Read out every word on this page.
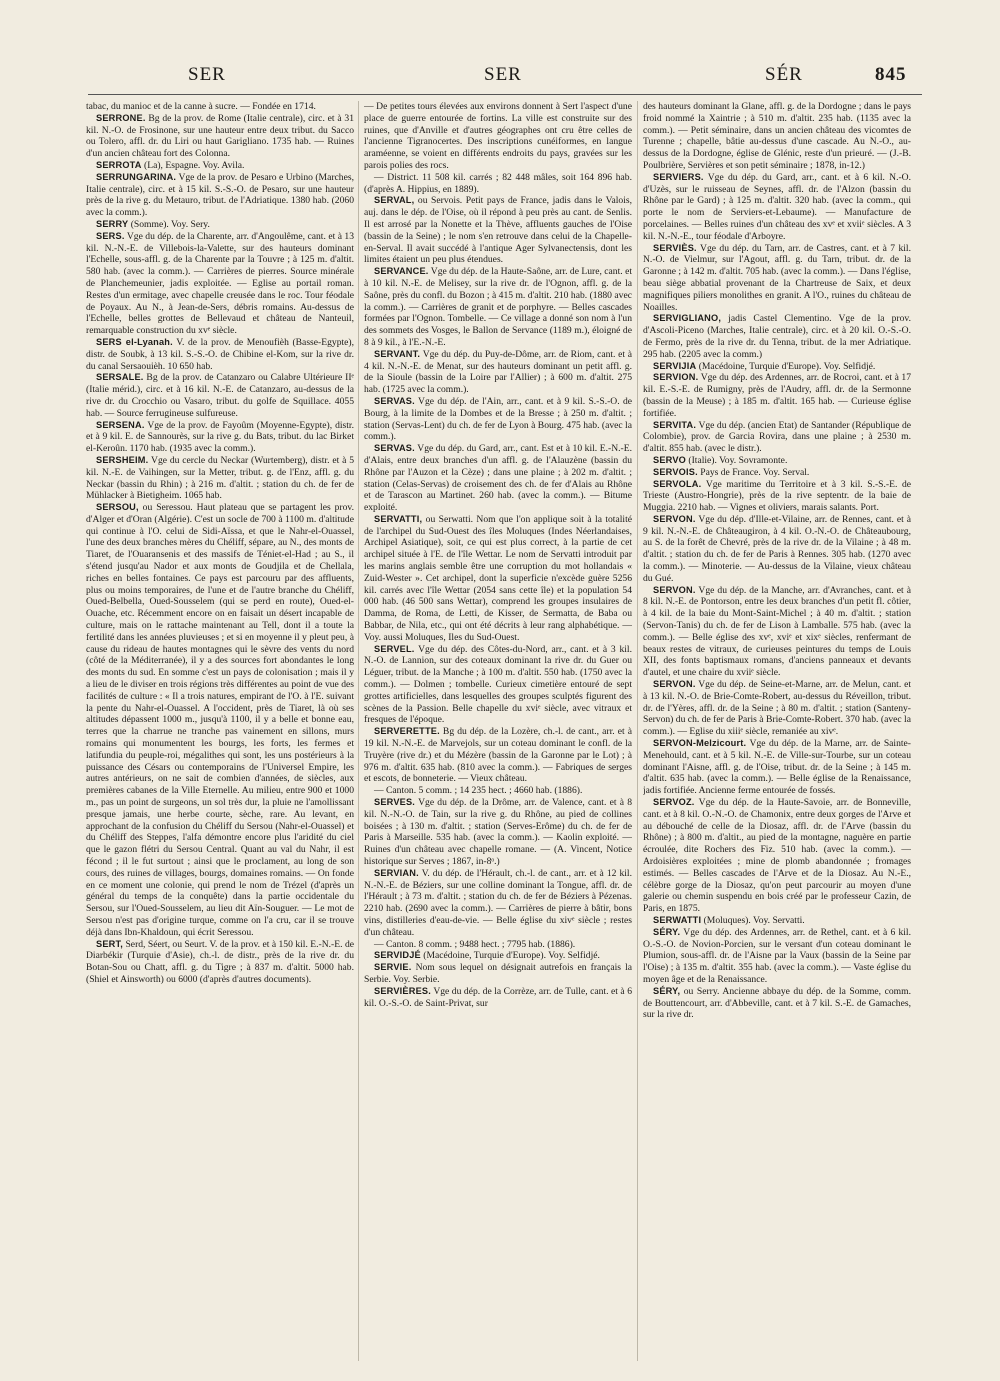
SER	SER	SÉR	845

tabac, du manioc et de la canne à sucre. — Fondée en 1714.

SERRONE. Bg de la prov. de Rome (Italie centrale), circ. et à 31 kil. N.-O. de Frosinone, sur une hauteur entre deux tribut. du Sacco ou Tolero, affl. dr. du Liri ou haut Garigliano. 1735 hab. — Ruines d'un ancien château fort des Colonna.

SERROTA (La), Espagne. Voy. Avila.

SERRUNGARINA. Vge de la prov. de Pesaro e Urbino (Marches, Italie centrale), circ. et à 15 kil. S.-S.-O. de Pesaro, sur une hauteur près de la rive g. du Metauro, tribut. de l'Adriatique. 1380 hab. (2060 avec la comm.).

SERRY (Somme). Voy. Sery.

SERS. Vge du dép. de la Charente, arr. d'Angoulême, cant. et à 13 kil. N.-N.-E. de Villebois-la-Valette, sur des hauteurs dominant l'Echelle, sous-affl. g. de la Charente par la Touvre ; à 125 m. d'altit. 580 hab. (avec la comm.). — Carrières de pierres. Source minérale de Planchemeunier, jadis exploitée. — Eglise au portail roman. Restes d'un ermitage, avec chapelle creusée dans le roc. Tour féodale de Poyaux. Au N., à Jean-de-Sers, débris romains. Au-dessus de l'Echelle, belles grottes de Bellevaud et château de Nanteuil, remarquable construction du xvᵉ siècle.

SERS el-Lyanah. V. de la prov. de Menoufièh (Basse-Egypte), distr. de Soubk, à 13 kil. S.-S.-O. de Chibine el-Kom, sur la rive dr. du canal Sersaouièh. 10 650 hab.

SERSALE. Bg de la prov. de Catanzaro ou Calabre Ultérieure IIᵉ (Italie mérid.), circ. et à 16 kil. N.-E. de Catanzaro, au-dessus de la rive dr. du Crocchio ou Vasaro, tribut. du golfe de Squillace. 4055 hab. — Source ferrugineuse sulfureuse.

SERSENA. Vge de la prov. de Fayoûm (Moyenne-Egypte), distr. et à 9 kil. E. de Sannourès, sur la rive g. du Bats, tribut. du lac Birket el-Keroûn. 1170 hab. (1935 avec la comm.).

SERSHEIM. Vge du cercle du Neckar (Wurtemberg), distr. et à 5 kil. N.-E. de Vaihingen, sur la Metter, tribut. g. de l'Enz, affl. g. du Neckar (bassin du Rhin) ; à 216 m. d'altit. ; station du ch. de fer de Mühlacker à Bietigheim. 1065 hab.

SERSOU, ou Seressou. Haut plateau que se partagent les prov. d'Alger et d'Oran (Algérie). C'est un socle de 700 à 1100 m. d'altitude qui continue à l'O. celui de Sidi-Aïssa, et que le Nahr-el-Ouassel, l'une des deux branches mères du Chéliff, sépare, au N., des monts de Tiaret, de l'Ouaransenis et des massifs de Téniet-el-Had ; au S., il s'étend jusqu'au Nador et aux monts de Goudjila et de Chellala, riches en belles fontaines. Ce pays est parcouru par des affluents, plus ou moins temporaires, de l'une et de l'autre branche du Chéliff, Oued-Belbella, Oued-Sousselem (qui se perd en route), Oued-el-Ouache, etc. Récemment encore on en faisait un désert incapable de culture, mais on le rattache maintenant au Tell, dont il a toute la fertilité dans les années pluvieuses ; et si en moyenne il y pleut peu, à cause du rideau de hautes montagnes qui le sèvre des vents du nord (côté de la Méditerranée), il y a des sources fort abondantes le long des monts du sud. En somme c'est un pays de colonisation ; mais il y a lieu de le diviser en trois régions très différentes au point de vue des facilités de culture : « Il a trois natures, empirant de l'O. à l'E. suivant la pente du Nahr-el-Ouassel. A l'occident, près de Tiaret, là où ses altitudes dépassent 1000 m., jusqu'à 1100, il y a belle et bonne eau, terres que la charrue ne tranche pas vainement en sillons, murs romains qui monumentent les bourgs, les forts, les fermes et latifundia du peuple-roi, mégalithes qui sont, les uns postérieurs à la puissance des Césars ou contemporains de l'Universel Empire, les autres antérieurs, on ne sait de combien d'années, de siècles, aux premières cabanes de la Ville Eternelle. Au milieu, entre 900 et 1000 m., pas un point de surgeons, un sol très dur, la pluie ne l'amollissant presque jamais, une herbe courte, sèche, rare. Au levant, en approchant de la confusion du Chéliff du Sersou (Nahr-el-Ouassel) et du Chéliff des Steppes, l'alfa démontre encore plus l'aridité du ciel que le gazon flétri du Sersou Central. Quant au val du Nahr, il est fécond ; il le fut surtout ; ainsi que le proclament, au long de son cours, des ruines de villages, bourgs, domaines romains. — On fonde en ce moment une colonie, qui prend le nom de Trézel (d'après un général du temps de la conquête) dans la partie occidentale du Sersou, sur l'Oued-Sousselem, au lieu dit Aïn-Souguer. — Le mot de Sersou n'est pas d'origine turque, comme on l'a cru, car il se trouve déjà dans Ibn-Khaldoun, qui écrit Seressou.

SERT, Serd, Séert, ou Seurt. V. de la prov. et à 150 kil. E.-N.-E. de Diarbékir (Turquie d'Asie), ch.-l. de distr., près de la rive dr. du Botan-Sou ou Chatt, affl. g. du Tigre ; à 837 m. d'altit. 5000 hab. (Shiel et Ainsworth) ou 6000 (d'après d'autres documents).

— De petites tours élevées aux environs donnent à Sert l'aspect d'une place de guerre entourée de fortins. La ville est construite sur des ruines, que d'Anville et d'autres géographes ont cru être celles de l'ancienne Tigranocertes. Des inscriptions cunéiformes, en langue araméenne, se voient en différents endroits du pays, gravées sur les parois polies des rocs.

— District. 11 508 kil. carrés ; 82 448 mâles, soit 164 896 hab. (d'après A. Hippius, en 1889).

SERVAL, ou Servois. Petit pays de France, jadis dans le Valois, auj. dans le dép. de l'Oise, où il répond à peu près au cant. de Senlis. Il est arrosé par la Nonette et la Thève, affluents gauches de l'Oise (bassin de la Seine) ; le nom s'en retrouve dans celui de la Chapelle-en-Serval. Il avait succédé à l'antique Ager Sylvanectensis, dont les limites étaient un peu plus étendues.

SERVANCE. Vge du dép. de la Haute-Saône, arr. de Lure, cant. et à 10 kil. N.-E. de Melisey, sur la rive dr. de l'Ognon, affl. g. de la Saône, près du confl. du Bozon ; à 415 m. d'altit. 210 hab. (1880 avec la comm.). — Carrières de granit et de porphyre. — Belles cascades formées par l'Ognon. Tombelle. — Ce village a donné son nom à l'un des sommets des Vosges, le Ballon de Servance (1189 m.), éloigné de 8 à 9 kil., à l'E.-N.-E.

SERVANT. Vge du dép. du Puy-de-Dôme, arr. de Riom, cant. et à 4 kil. N.-N.-E. de Menat, sur des hauteurs dominant un petit affl. g. de la Sioule (bassin de la Loire par l'Allier) ; à 600 m. d'altit. 275 hab. (1725 avec la comm.).

SERVAS. Vge du dép. de l'Ain, arr., cant. et à 9 kil. S.-S.-O. de Bourg, à la limite de la Dombes et de la Bresse ; à 250 m. d'altit. ; station (Servas-Lent) du ch. de fer de Lyon à Bourg. 475 hab. (avec la comm.).

SERVAS. Vge du dép. du Gard, arr., cant. Est et à 10 kil. E.-N.-E. d'Alais, entre deux branches d'un affl. g. de l'Alauzène (bassin du Rhône par l'Auzon et la Cèze) ; dans une plaine ; à 202 m. d'altit. ; station (Celas-Servas) de croisement des ch. de fer d'Alais au Rhône et de Tarascon au Martinet. 260 hab. (avec la comm.). — Bitume exploité.

SERVATTI, ou Serwatti. Nom que l'on applique soit à la totalité de l'archipel du Sud-Ouest des îles Moluques (Indes Néerlandaises, Archipel Asiatique), soit, ce qui est plus correct, à la partie de cet archipel située à l'E. de l'île Wettar. Le nom de Servatti introduit par les marins anglais semble être une corruption du mot hollandais « Zuid-Wester ». Cet archipel, dont la superficie n'excède guère 5256 kil. carrés avec l'île Wettar (2054 sans cette île) et la population 54 000 hab. (46 500 sans Wettar), comprend les groupes insulaires de Damma, de Roma, de Letti, de Kisser, de Sermatta, de Baba ou Babbar, de Nila, etc., qui ont été décrits à leur rang alphabétique. — Voy. aussi Moluques, Iles du Sud-Ouest.

SERVEL. Vge du dép. des Côtes-du-Nord, arr., cant. et à 3 kil. N.-O. de Lannion, sur des coteaux dominant la rive dr. du Guer ou Léguer, tribut. de la Manche ; à 100 m. d'altit. 550 hab. (1750 avec la comm.). — Dolmen ; tombelle. Curieux cimetière entouré de sept grottes artificielles, dans lesquelles des groupes sculptés figurent des scènes de la Passion. Belle chapelle du xviᵉ siècle, avec vitraux et fresques de l'époque.

SERVERETTE. Bg du dép. de la Lozère, ch.-l. de cant., arr. et à 19 kil. N.-N.-E. de Marvejols, sur un coteau dominant le confl. de la Truyère (rive dr.) et du Mézère (bassin de la Garonne par le Lot) ; à 976 m. d'altit. 635 hab. (810 avec la comm.). — Fabriques de serges et escots, de bonneterie. — Vieux château.

— Canton. 5 comm. ; 14 235 hect. ; 4660 hab. (1886).

SERVES. Vge du dép. de la Drôme, arr. de Valence, cant. et à 8 kil. N.-N.-O. de Tain, sur la rive g. du Rhône, au pied de collines boisées ; à 130 m. d'altit. ; station (Serves-Erôme) du ch. de fer de Paris à Marseille. 535 hab. (avec la comm.). — Kaolin exploité. — Ruines d'un château avec chapelle romane. — (A. Vincent, Notice historique sur Serves ; 1867, in-8ᵒ.)

SERVIAN. V. du dép. de l'Hérault, ch.-l. de cant., arr. et à 12 kil. N.-N.-E. de Béziers, sur une colline dominant la Tongue, affl. dr. de l'Hérault ; à 73 m. d'altit. ; station du ch. de fer de Béziers à Pézenas. 2210 hab. (2690 avec la comm.). — Carrières de pierre à bâtir, bons vins, distilleries d'eau-de-vie. — Belle église du xivᵉ siècle ; restes d'un château.

— Canton. 8 comm. ; 9488 hect. ; 7795 hab. (1886).

SERVIDJÉ (Macédoine, Turquie d'Europe). Voy. Selfidjé.

SERVIE. Nom sous lequel on désignait autrefois en français la Serbie. Voy. Serbie.

SERVIÈRES. Vge du dép. de la Corrèze, arr. de Tulle, cant. et à 6 kil. O.-S.-O. de Saint-Privat, sur

des hauteurs dominant la Glane, affl. g. de la Dordogne ; dans le pays froid nommé la Xaintrie ; à 510 m. d'altit. 235 hab. (1135 avec la comm.). — Petit séminaire, dans un ancien château des vicomtes de Turenne ; chapelle, bâtie au-dessus d'une cascade. Au N.-O., au-dessus de la Dordogne, église de Glénic, reste d'un prieuré. — (J.-B. Poulbrière, Servières et son petit séminaire ; 1878, in-12.)

SERVIERS. Vge du dép. du Gard, arr., cant. et à 6 kil. N.-O. d'Uzès, sur le ruisseau de Seynes, affl. dr. de l'Alzon (bassin du Rhône par le Gard) ; à 125 m. d'altit. 320 hab. (avec la comm., qui porte le nom de Serviers-et-Lebaume). — Manufacture de porcelaines. — Belles ruines d'un château des xvᵉ et xviiᵉ siècles. A 3 kil. N.-N.-E., tour féodale d'Arboyre.

SERVIÈS. Vge du dép. du Tarn, arr. de Castres, cant. et à 7 kil. N.-O. de Vielmur, sur l'Agout, affl. g. du Tarn, tribut. dr. de la Garonne ; à 142 m. d'altit. 705 hab. (avec la comm.). — Dans l'église, beau siège abbatial provenant de la Chartreuse de Saix, et deux magnifiques piliers monolithes en granit. A l'O., ruines du château de Noailles.

SERVIGLIANO, jadis Castel Clementino. Vge de la prov. d'Ascoli-Piceno (Marches, Italie centrale), circ. et à 20 kil. O.-S.-O. de Fermo, près de la rive dr. du Tenna, tribut. de la mer Adriatique. 295 hab. (2205 avec la comm.)

SERVIJIA (Macédoine, Turquie d'Europe). Voy. Selfidjé.

SERVION. Vge du dép. des Ardennes, arr. de Rocroi, cant. et à 17 kil. E.-S.-E. de Rumigny, près de l'Audry, affl. dr. de la Sermonne (bassin de la Meuse) ; à 185 m. d'altit. 165 hab. — Curieuse église fortifiée.

SERVITA. Vge du dép. (ancien Etat) de Santander (République de Colombie), prov. de Garcia Rovira, dans une plaine ; à 2530 m. d'altit. 855 hab. (avec le distr.).

SERVO (Italie). Voy. Sovramonte.

SERVOIS. Pays de France. Voy. Serval.

SERVOLA. Vge maritime du Territoire et à 3 kil. S.-S.-E. de Trieste (Austro-Hongrie), près de la rive septentr. de la baie de Muggia. 2210 hab. — Vignes et oliviers, marais salants. Port.

SERVON. Vge du dép. d'Ille-et-Vilaine, arr. de Rennes, cant. et à 9 kil. N.-N.-E. de Châteaugiron, à 4 kil. O.-N.-O. de Châteaubourg, au S. de la forêt de Chevré, près de la rive dr. de la Vilaine ; à 48 m. d'altit. ; station du ch. de fer de Paris à Rennes. 305 hab. (1270 avec la comm.). — Minoterie. — Au-dessus de la Vilaine, vieux château du Gué.

SERVON. Vge du dép. de la Manche, arr. d'Avranches, cant. et à 8 kil. N.-E. de Pontorson, entre les deux branches d'un petit fl. côtier, à 4 kil. de la baie du Mont-Saint-Michel ; à 40 m. d'altit. ; station (Servon-Tanis) du ch. de fer de Lison à Lamballe. 575 hab. (avec la comm.). — Belle église des xvᵉ, xviᵉ et xixᵉ siècles, renfermant de beaux restes de vitraux, de curieuses peintures du temps de Louis XII, des fonts baptismaux romans, d'anciens panneaux et devants d'autel, et une chaire du xviiᵉ siècle.

SERVON. Vge du dép. de Seine-et-Marne, arr. de Melun, cant. et à 13 kil. N.-O. de Brie-Comte-Robert, au-dessus du Réveillon, tribut. dr. de l'Yères, affl. dr. de la Seine ; à 80 m. d'altit. ; station (Santeny-Servon) du ch. de fer de Paris à Brie-Comte-Robert. 370 hab. (avec la comm.). — Eglise du xiiiᵉ siècle, remaniée au xivᵉ.

SERVON-Melzicourt. Vge du dép. de la Marne, arr. de Sainte-Menehould, cant. et à 5 kil. N.-E. de Ville-sur-Tourbe, sur un coteau dominant l'Aisne, affl. g. de l'Oise, tribut. dr. de la Seine ; à 145 m. d'altit. 635 hab. (avec la comm.). — Belle église de la Renaissance, jadis fortifiée. Ancienne ferme entourée de fossés.

SERVOZ. Vge du dép. de la Haute-Savoie, arr. de Bonneville, cant. et à 8 kil. O.-N.-O. de Chamonix, entre deux gorges de l'Arve et au débouché de celle de la Diosaz, affl. dr. de l'Arve (bassin du Rhône) ; à 800 m. d'altit., au pied de la montagne, naguère en partie écroulée, dite Rochers des Fiz. 510 hab. (avec la comm.). — Ardoisières exploitées ; mine de plomb abandonnée ; fromages estimés. — Belles cascades de l'Arve et de la Diosaz. Au N.-E., célèbre gorge de la Diosaz, qu'on peut parcourir au moyen d'une galerie ou chemin suspendu en bois créé par le professeur Cazin, de Paris, en 1875.

SERWATTI (Moluques). Voy. Servatti.

SÉRY. Vge du dép. des Ardennes, arr. de Rethel, cant. et à 6 kil. O.-S.-O. de Novion-Porcien, sur le versant d'un coteau dominant le Plumion, sous-affl. dr. de l'Aisne par la Vaux (bassin de la Seine par l'Oise) ; à 135 m. d'altit. 355 hab. (avec la comm.). — Vaste église du moyen âge et de la Renaissance.

SÉRY, ou Serry. Ancienne abbaye du dép. de la Somme, comm. de Bouttencourt, arr. d'Abbeville, cant. et à 7 kil. S.-E. de Gamaches, sur la rive dr.
